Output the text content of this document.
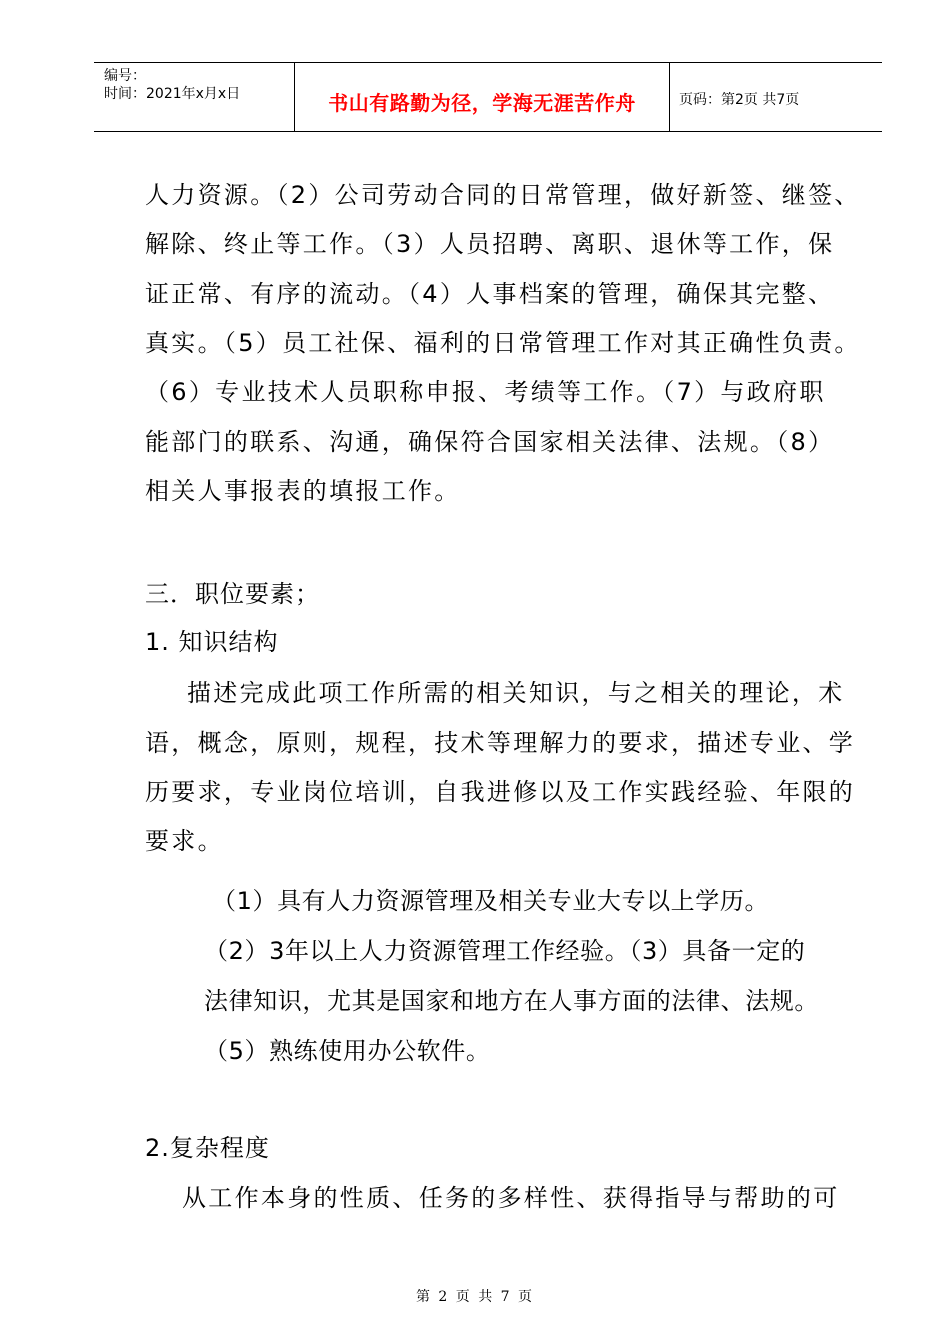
编号：
时间：2021年x月x日	书山有路勤为径，学海无涯苦作舟	页码：第2页 共7页
人力资源。（2）公司劳动合同的日常管理，做好新签、继签、
解除、终止等工作。（3）人员招聘、离职、退休等工作，保
证正常、有序的流动。（4）人事档案的管理，确保其完整、
真实。（5）员工社保、福利的日常管理工作对其正确性负责。
（6）专业技术人员职称申报、考绩等工作。（7）与政府职
能部门的联系、沟通，确保符合国家相关法律、法规。（8）
相关人事报表的填报工作。
三．职位要素；
1. 知识结构
描述完成此项工作所需的相关知识，与之相关的理论，术
语，概念，原则，规程，技术等理解力的要求，描述专业、学
历要求，专业岗位培训，自我进修以及工作实践经验、年限的
要求。
（1）具有人力资源管理及相关专业大专以上学历。
（2）3年以上人力资源管理工作经验。（3）具备一定的
法律知识，尤其是国家和地方在人事方面的法律、法规。
（5）熟练使用办公软件。
2.复杂程度
从工作本身的性质、任务的多样性、获得指导与帮助的可
第 2 页 共 7 页
